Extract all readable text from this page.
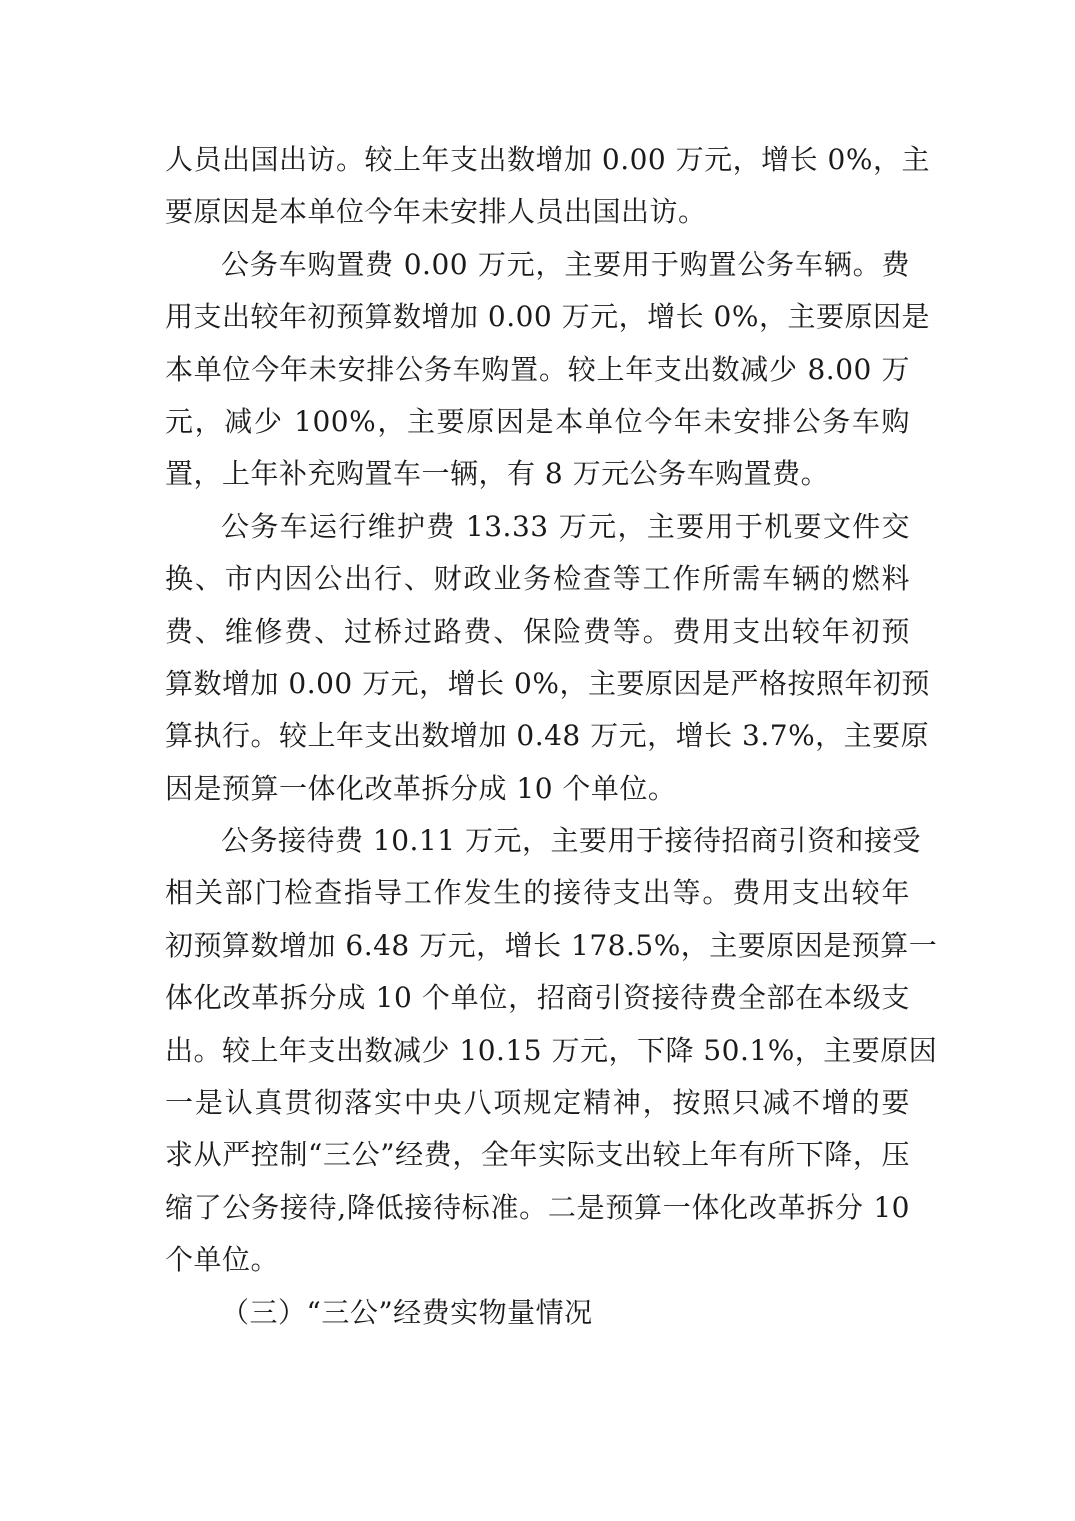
人员出国出访。较上年支出数增加 0.00 万元，增长 0%，主
要原因是本单位今年未安排人员出国出访。
公务车购置费 0.00 万元，主要用于购置公务车辆。费
用支出较年初预算数增加 0.00 万元，增长 0%，主要原因是
本单位今年未安排公务车购置。较上年支出数减少 8.00 万
元，减少 100%，主要原因是本单位今年未安排公务车购
置，上年补充购置车一辆，有 8 万元公务车购置费。
公务车运行维护费 13.33 万元，主要用于机要文件交
换、市内因公出行、财政业务检查等工作所需车辆的燃料
费、维修费、过桥过路费、保险费等。费用支出较年初预
算数增加 0.00 万元，增长 0%，主要原因是严格按照年初预
算执行。较上年支出数增加 0.48 万元，增长 3.7%，主要原
因是预算一体化改革拆分成 10 个单位。
公务接待费 10.11 万元，主要用于接待招商引资和接受
相关部门检查指导工作发生的接待支出等。费用支出较年
初预算数增加 6.48 万元，增长 178.5%，主要原因是预算一
体化改革拆分成 10 个单位，招商引资接待费全部在本级支
出。较上年支出数减少 10.15 万元，下降 50.1%，主要原因
一是认真贯彻落实中央八项规定精神，按照只减不增的要
求从严控制“三公”经费，全年实际支出较上年有所下降，压
缩了公务接待,降低接待标准。二是预算一体化改革拆分 10
个单位。
（三）“三公”经费实物量情况
